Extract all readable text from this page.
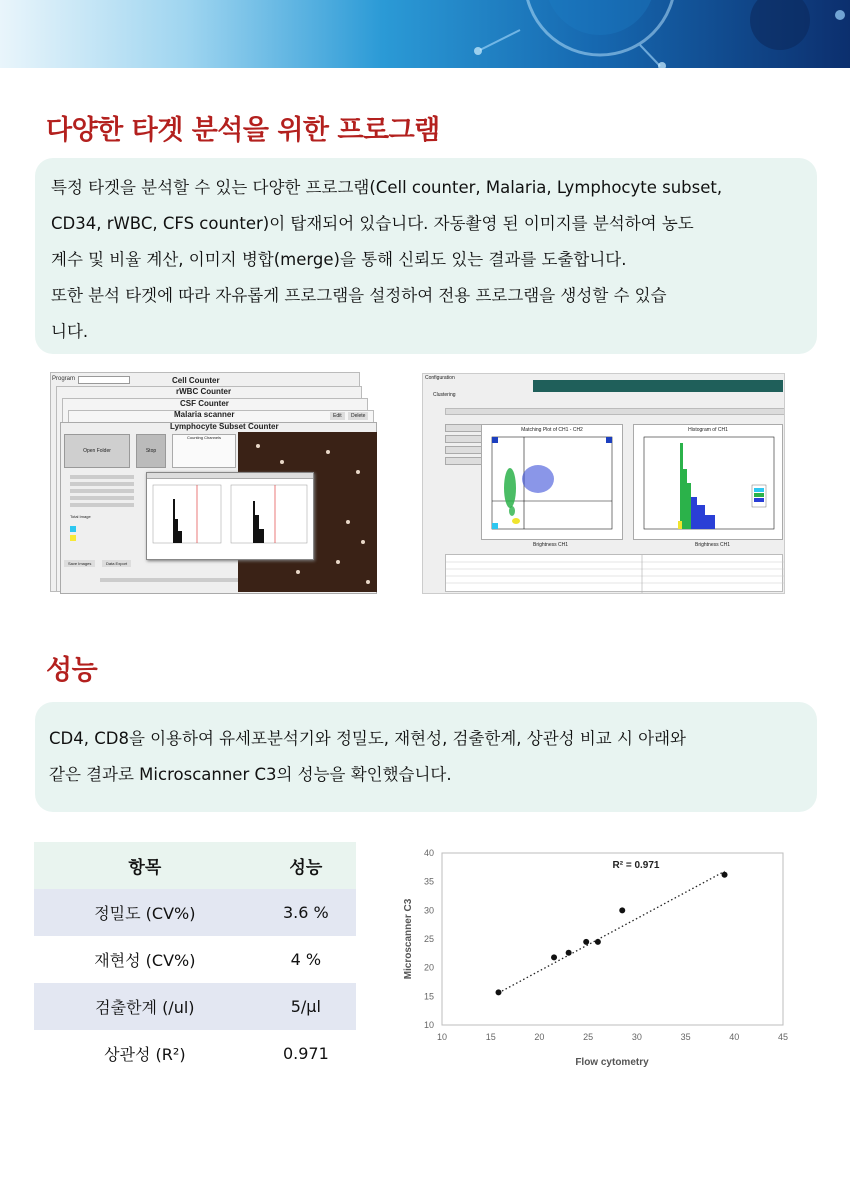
다양한 타겟 분석을 위한 프로그램

특정 타겟을 분석할 수 있는 다양한 프로그램(Cell counter, Malaria, Lymphocyte subset,

CD34, rWBC, CFS counter)이 탑재되어 있습니다. 자동촬영 된 이미지를 분석하여 농도

계수 및 비율 계산, 이미지 병합(merge)을 통해 신뢰도 있는 결과를 도출합니다.

또한 분석 타겟에 따라 자유롭게 프로그램을 설정하여 전용 프로그램을 생성할 수 있습

니다.

Program	Cell Counter
rWBC Counter
CSF Counter
Malaria scanner	Edit	Delete
Lymphocyte Subset Counter
Open Folder	Stop
Counting Channels
Total Image
Save Images	Data Export
Configuration
Clustering
Matching Plot of CH1 - CH2
Brightness CH1
Histogram of CH1
Brightness CH1
성능

CD4, CD8을 이용하여 유세포분석기와 정밀도, 재현성, 검출한계, 상관성 비교 시 아래와

같은 결과로 Microscanner C3의 성능을 확인했습니다.

항목	성능
정밀도 (CV%)	3.6 %
재현성 (CV%)	4 %
검출한계 (/ul)	5/µl
상관성 (R²)	0.971
10	15	20	25	30	35	40	45
10
15
20
25
30
35
40
R² = 0.971
Flow cytometry
Microscanner C3
